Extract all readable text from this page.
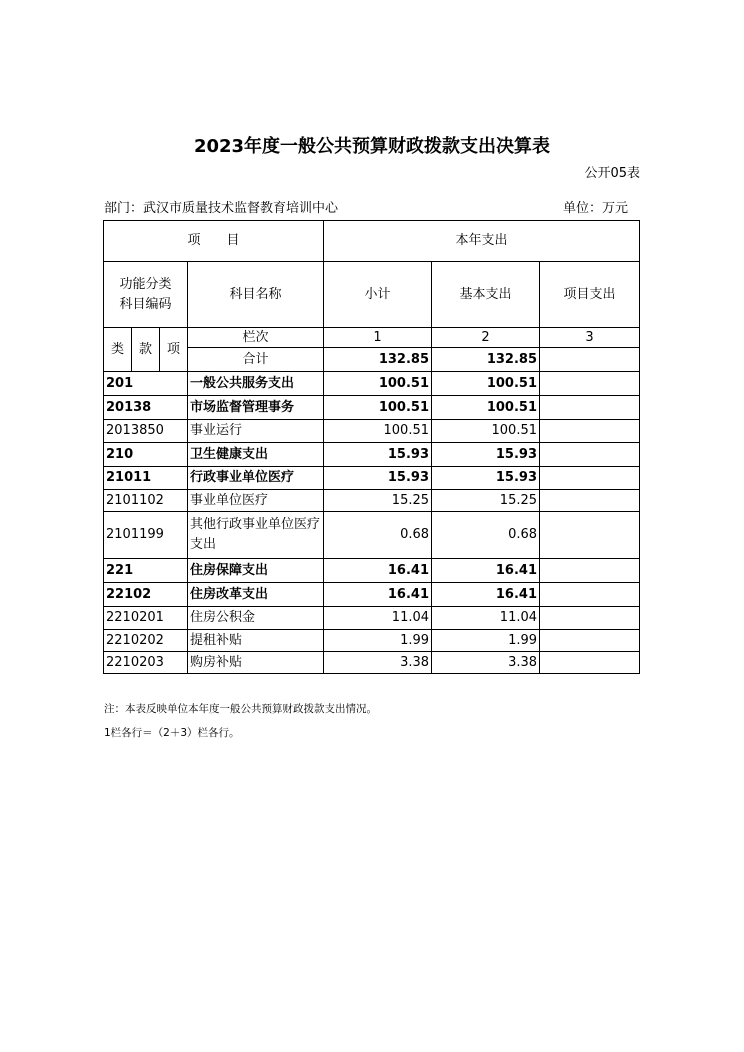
2023年度一般公共预算财政拨款支出决算表
公开05表
部门：武汉市质量技术监督教育培训中心	单位：万元
项　　目				本年支出		
功能分类
科目编码			科目名称	小计	基本支出	项目支出
类	款	项	栏次	1	2	3
			合计	132.85	132.85	
201			一般公共服务支出	100.51	100.51	
20138			市场监督管理事务	100.51	100.51	
2013850			事业运行	100.51	100.51	
210			卫生健康支出	15.93	15.93	
21011			行政事业单位医疗	15.93	15.93	
2101102			事业单位医疗	15.25	15.25	
2101199			其他行政事业单位医疗支出	0.68	0.68	
221			住房保障支出	16.41	16.41	
22102			住房改革支出	16.41	16.41	
2210201			住房公积金	11.04	11.04	
2210202			提租补贴	1.99	1.99	
2210203			购房补贴	3.38	3.38	
注：本表反映单位本年度一般公共预算财政拨款支出情况。
1栏各行＝（2＋3）栏各行。
